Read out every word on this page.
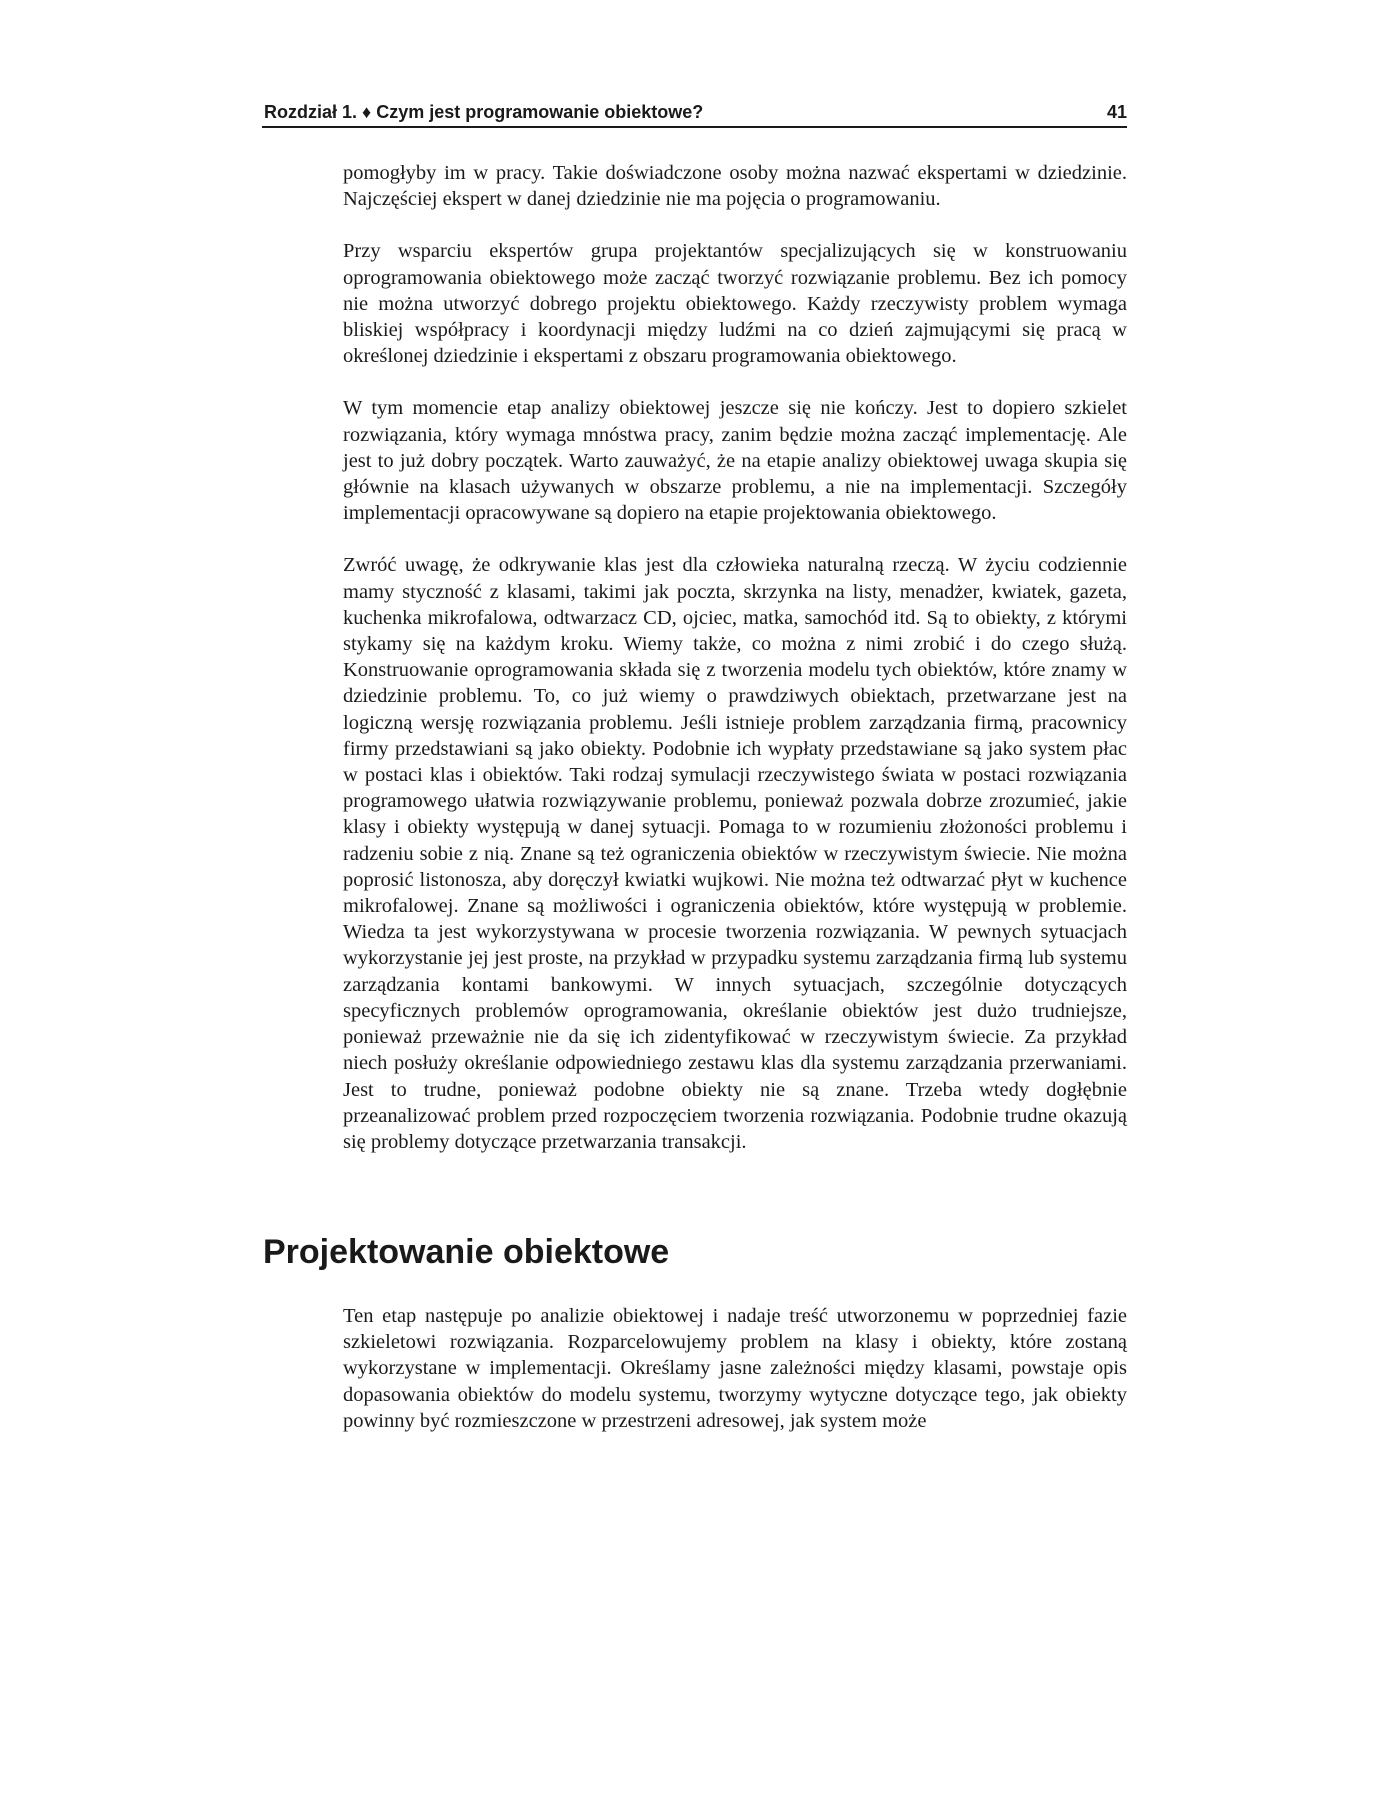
Rozdział 1. ♦ Czym jest programowanie obiektowe?	41

pomogłyby im w pracy. Takie doświadczone osoby można nazwać ekspertami w dziedzinie. Najczęściej ekspert w danej dziedzinie nie ma pojęcia o programowaniu.

Przy wsparciu ekspertów grupa projektantów specjalizujących się w konstruowaniu oprogramowania obiektowego może zacząć tworzyć rozwiązanie problemu. Bez ich pomocy nie można utworzyć dobrego projektu obiektowego. Każdy rzeczywisty problem wymaga bliskiej współpracy i koordynacji między ludźmi na co dzień zajmującymi się pracą w określonej dziedzinie i ekspertami z obszaru programowania obiektowego.

W tym momencie etap analizy obiektowej jeszcze się nie kończy. Jest to dopiero szkielet rozwiązania, który wymaga mnóstwa pracy, zanim będzie można zacząć implementację. Ale jest to już dobry początek. Warto zauważyć, że na etapie analizy obiektowej uwaga skupia się głównie na klasach używanych w obszarze problemu, a nie na implementacji. Szczegóły implementacji opracowywane są dopiero na etapie projektowania obiektowego.

Zwróć uwagę, że odkrywanie klas jest dla człowieka naturalną rzeczą. W życiu codziennie mamy styczność z klasami, takimi jak poczta, skrzynka na listy, menadżer, kwiatek, gazeta, kuchenka mikrofalowa, odtwarzacz CD, ojciec, matka, samochód itd. Są to obiekty, z którymi stykamy się na każdym kroku. Wiemy także, co można z nimi zrobić i do czego służą. Konstruowanie oprogramowania składa się z tworzenia modelu tych obiektów, które znamy w dziedzinie problemu. To, co już wiemy o prawdziwych obiektach, przetwarzane jest na logiczną wersję rozwiązania problemu. Jeśli istnieje problem zarządzania firmą, pracownicy firmy przedstawiani są jako obiekty. Podobnie ich wypłaty przedstawiane są jako system płac w postaci klas i obiektów. Taki rodzaj symulacji rzeczywistego świata w postaci rozwiązania programowego ułatwia rozwiązywanie problemu, ponieważ pozwala dobrze zrozumieć, jakie klasy i obiekty występują w danej sytuacji. Pomaga to w rozumieniu złożoności problemu i radzeniu sobie z nią. Znane są też ograniczenia obiektów w rzeczywistym świecie. Nie można poprosić listonosza, aby doręczył kwiatki wujkowi. Nie można też odtwarzać płyt w kuchence mikrofalowej. Znane są możliwości i ograniczenia obiektów, które występują w problemie. Wiedza ta jest wykorzystywana w procesie tworzenia rozwiązania. W pewnych sytuacjach wykorzystanie jej jest proste, na przykład w przypadku systemu zarządzania firmą lub systemu zarządzania kontami bankowymi. W innych sytuacjach, szczególnie dotyczących specyficznych problemów oprogramowania, określanie obiektów jest dużo trudniejsze, ponieważ przeważnie nie da się ich zidentyfikować w rzeczywistym świecie. Za przykład niech posłuży określanie odpowiedniego zestawu klas dla systemu zarządzania przerwaniami. Jest to trudne, ponieważ podobne obiekty nie są znane. Trzeba wtedy dogłębnie przeanalizować problem przed rozpoczęciem tworzenia rozwiązania. Podobnie trudne okazują się problemy dotyczące przetwarzania transakcji.

Projektowanie obiektowe

Ten etap następuje po analizie obiektowej i nadaje treść utworzonemu w poprzedniej fazie szkieletowi rozwiązania. Rozparcelowujemy problem na klasy i obiekty, które zostaną wykorzystane w implementacji. Określamy jasne zależności między klasami, powstaje opis dopasowania obiektów do modelu systemu, tworzymy wytyczne dotyczące tego, jak obiekty powinny być rozmieszczone w przestrzeni adresowej, jak system może
